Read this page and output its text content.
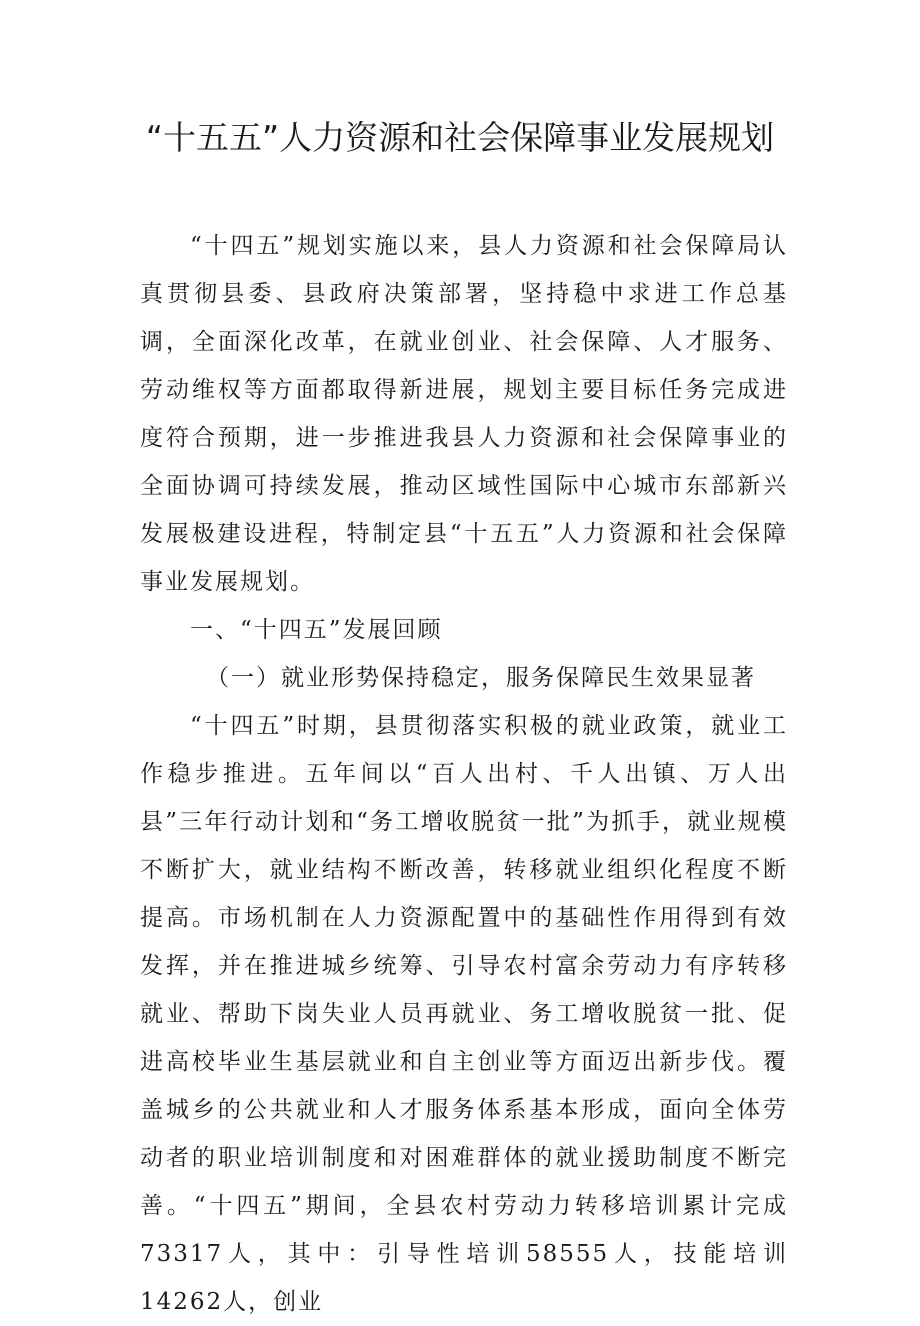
“十五五”人力资源和社会保障事业发展规划

“十四五”规划实施以来，县人力资源和社会保障局认真贯彻县委、县政府决策部署，坚持稳中求进工作总基调，全面深化改革，在就业创业、社会保障、人才服务、劳动维权等方面都取得新进展，规划主要目标任务完成进度符合预期，进一步推进我县人力资源和社会保障事业的全面协调可持续发展，推动区域性国际中心城市东部新兴发展极建设进程，特制定县“十五五”人力资源和社会保障事业发展规划。

一、“十四五”发展回顾

（一）就业形势保持稳定，服务保障民生效果显著

“十四五”时期，县贯彻落实积极的就业政策，就业工作稳步推进。五年间以“百人出村、千人出镇、万人出县”三年行动计划和“务工增收脱贫一批”为抓手，就业规模不断扩大，就业结构不断改善，转移就业组织化程度不断提高。市场机制在人力资源配置中的基础性作用得到有效发挥，并在推进城乡统筹、引导农村富余劳动力有序转移就业、帮助下岗失业人员再就业、务工增收脱贫一批、促进高校毕业生基层就业和自主创业等方面迈出新步伐。覆盖城乡的公共就业和人才服务体系基本形成，面向全体劳动者的职业培训制度和对困难群体的就业援助制度不断完善。“十四五”期间，全县农村劳动力转移培训累计完成73317人，其中：引导性培训58555人，技能培训14262人，创业
